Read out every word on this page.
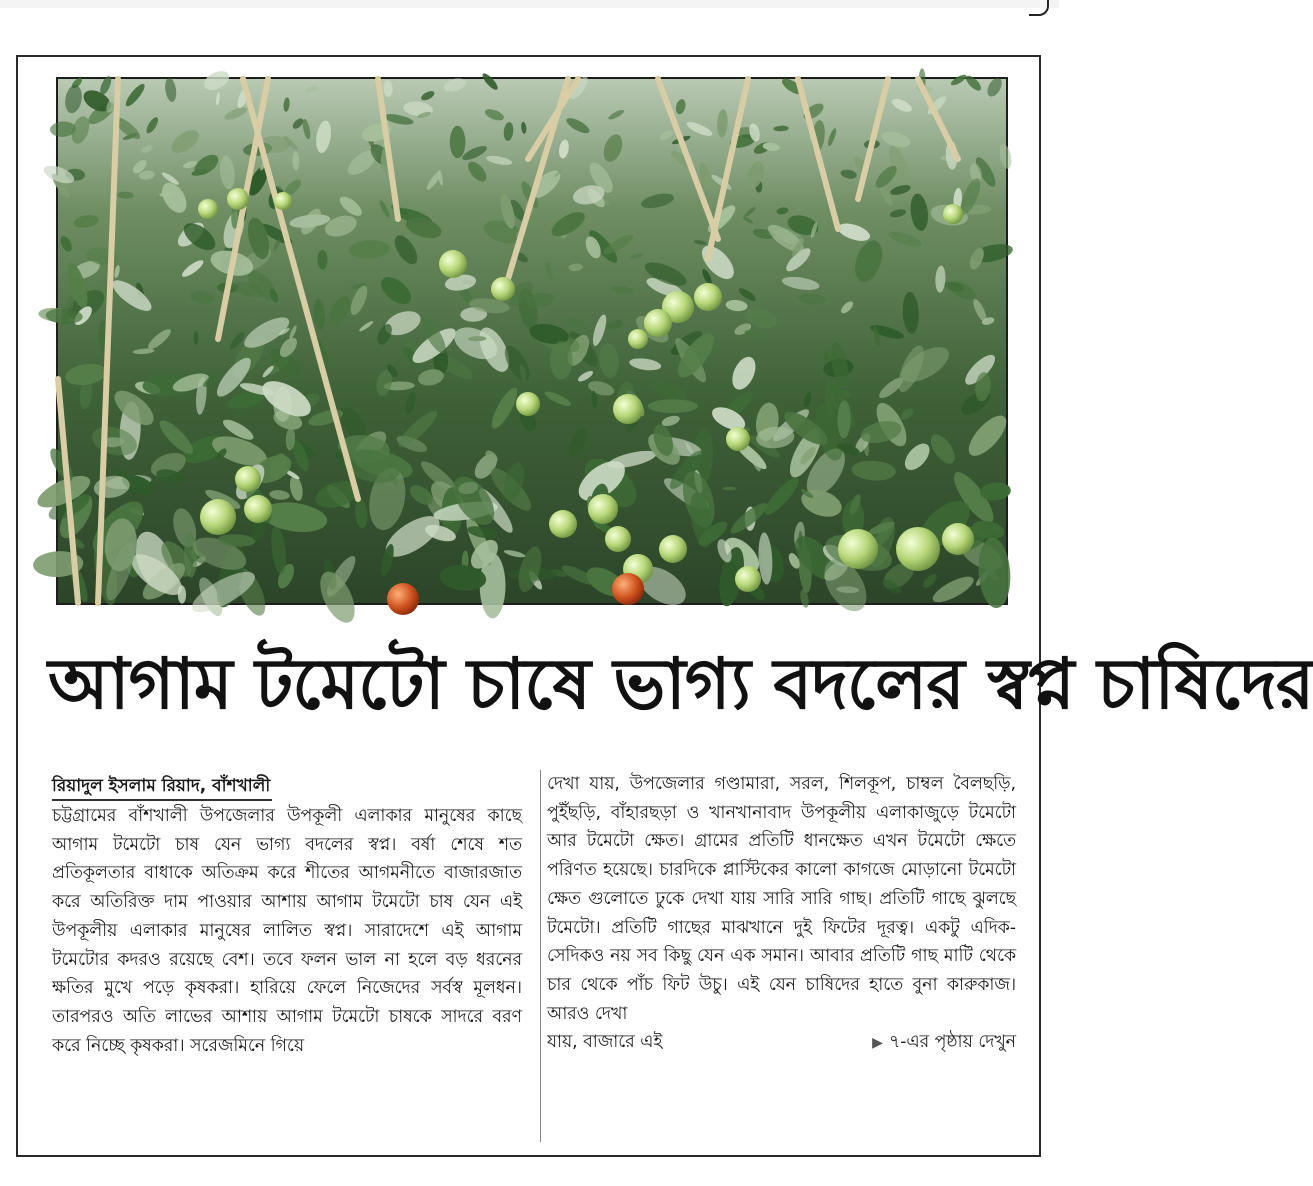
আগাম টমেটো চাষে ভাগ্য বদলের স্বপ্ন চাষিদের
রিয়াদুল ইসলাম রিয়াদ, বাঁশখালী

চট্টগ্রামের বাঁশখালী উপজেলার উপকূলী এলাকার মানুষের কাছে আগাম টমেটো চাষ যেন ভাগ্য বদলের স্বপ্ন। বর্ষা শেষে শত প্রতিকূলতার বাধাকে অতিক্রম করে শীতের আগমনীতে বাজারজাত করে অতিরিক্ত দাম পাওয়ার আশায় আগাম টমেটো চাষ যেন এই উপকূলীয় এলাকার মানুষের লালিত স্বপ্ন। সারাদেশে এই আগাম টমেটোর কদরও রয়েছে বেশ। তবে ফলন ভাল না হলে বড় ধরনের ক্ষতির মুখে পড়ে কৃষকরা। হারিয়ে ফেলে নিজেদের সর্বস্ব মূলধন। তারপরও অতি লাভের আশায় আগাম টমেটো চাষকে সাদরে বরণ করে নিচ্ছে কৃষকরা। সরেজমিনে গিয়ে

দেখা যায়, উপজেলার গণ্ডামারা, সরল, শিলকূপ, চাম্বল বৈলছড়ি, পুইঁছড়ি, বাঁহারছড়া ও খানখানাবাদ উপকূলীয় এলাকাজুড়ে টমেটো আর টমেটো ক্ষেত। গ্রামের প্রতিটি ধানক্ষেত এখন টমেটো ক্ষেতে পরিণত হয়েছে। চারদিকে প্লাস্টিকের কালো কাগজে মোড়ানো টমেটো ক্ষেত গুলোতে ঢুকে দেখা যায় সারি সারি গাছ। প্রতিটি গাছে ঝুলছে টমেটো। প্রতিটি গাছের মাঝখানে দুই ফিটের দূরত্ব। একটু এদিক-সেদিকও নয় সব কিছু যেন এক সমান। আবার প্রতিটি গাছ মাটি থেকে চার থেকে পাঁচ ফিট উচু। এই যেন চাষিদের হাতে বুনা কারুকাজ। আরও দেখা

যায়, বাজারে এই	▶ ৭-এর পৃষ্ঠায় দেখুন
